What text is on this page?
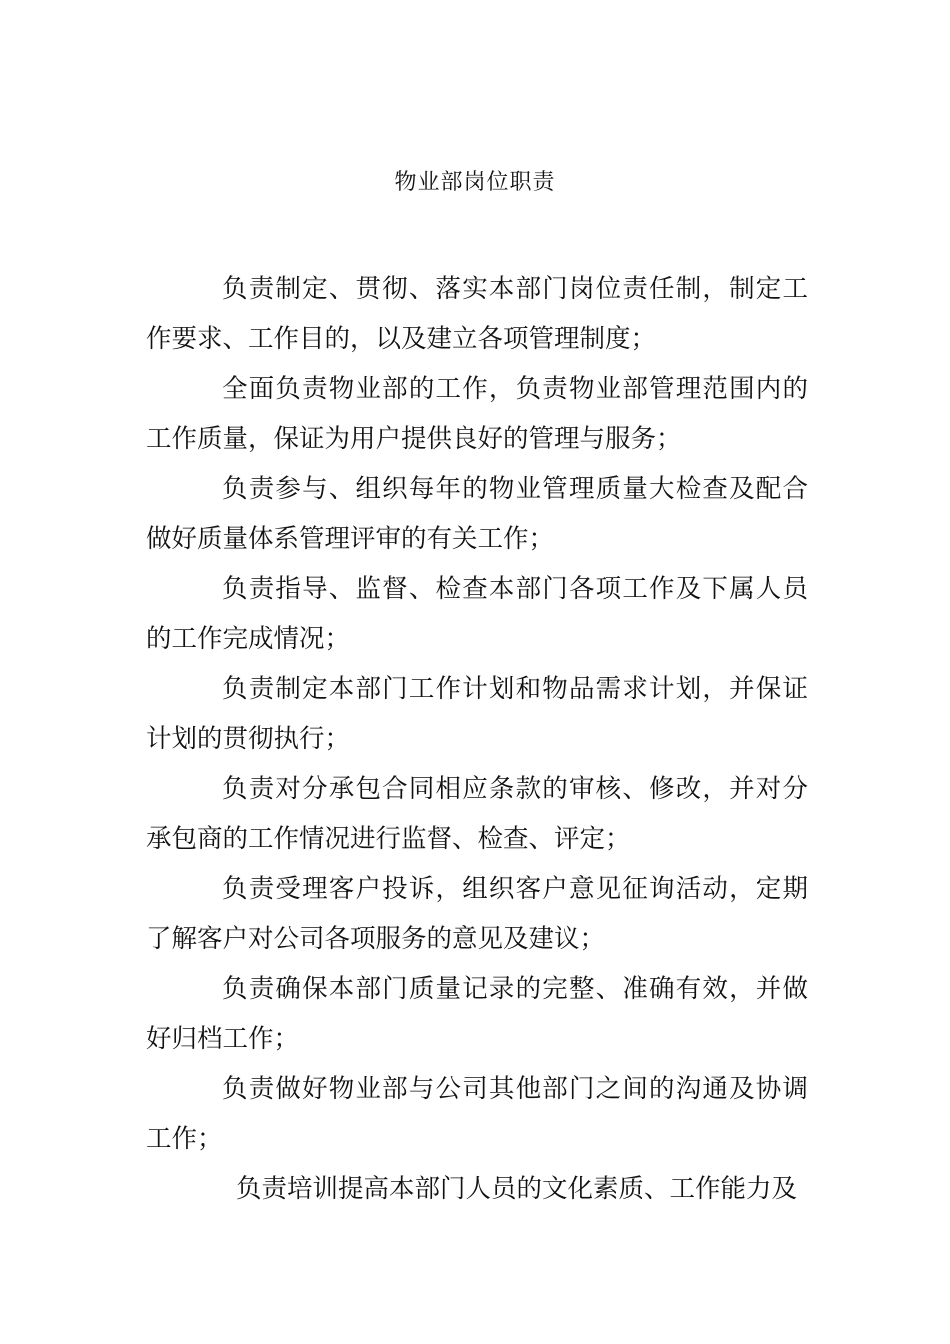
物业部岗位职责

负责制定、贯彻、落实本部门岗位责任制，制定工作要求、工作目的，以及建立各项管理制度；

全面负责物业部的工作，负责物业部管理范围内的工作质量，保证为用户提供良好的管理与服务；

负责参与、组织每年的物业管理质量大检查及配合做好质量体系管理评审的有关工作；

负责指导、监督、检查本部门各项工作及下属人员的工作完成情况；

负责制定本部门工作计划和物品需求计划，并保证计划的贯彻执行；

负责对分承包合同相应条款的审核、修改，并对分承包商的工作情况进行监督、检查、评定；

负责受理客户投诉，组织客户意见征询活动，定期了解客户对公司各项服务的意见及建议；

负责确保本部门质量记录的完整、准确有效，并做好归档工作；

负责做好物业部与公司其他部门之间的沟通及协调工作；

负责培训提高本部门人员的文化素质、工作能力及
